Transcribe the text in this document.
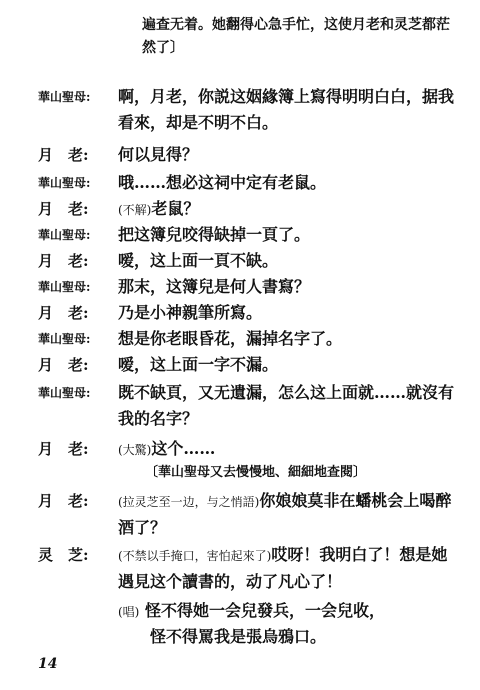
遍查无着。她翻得心急手忙，这使月老和灵芝都茫然了〕
華山聖母:	啊，月老，你説这姻緣簿上寫得明明白白，据我看來，却是不明不白。
月　老:	何以見得？
華山聖母:	哦……想必这祠中定有老鼠。
月　老:	(不解)老鼠？
華山聖母:	把这簿兒咬得缺掉一頁了。
月　老:	嗳，这上面一頁不缺。
華山聖母:	那末，这簿兒是何人書寫？
月　老:	乃是小神親筆所寫。
華山聖母:	想是你老眼昏花，漏掉名字了。
月　老:	嗳，这上面一字不漏。
華山聖母:	既不缺頁，又无遺漏，怎么这上面就……就沒有我的名字？
月　老:	(大驚)这个……
〔華山聖母又去慢慢地、細細地查閱〕
月　老:	(拉灵芝至一边，与之悄語)你娘娘莫非在蟠桃会上喝醉酒了？
灵　芝:	(不禁以手掩口，害怕起來了)哎呀！我明白了！想是她遇見这个讀書的，动了凡心了！
(唱) 怪不得她一会兒發兵，一会兒收，
怪不得罵我是張烏鴉口。
14
